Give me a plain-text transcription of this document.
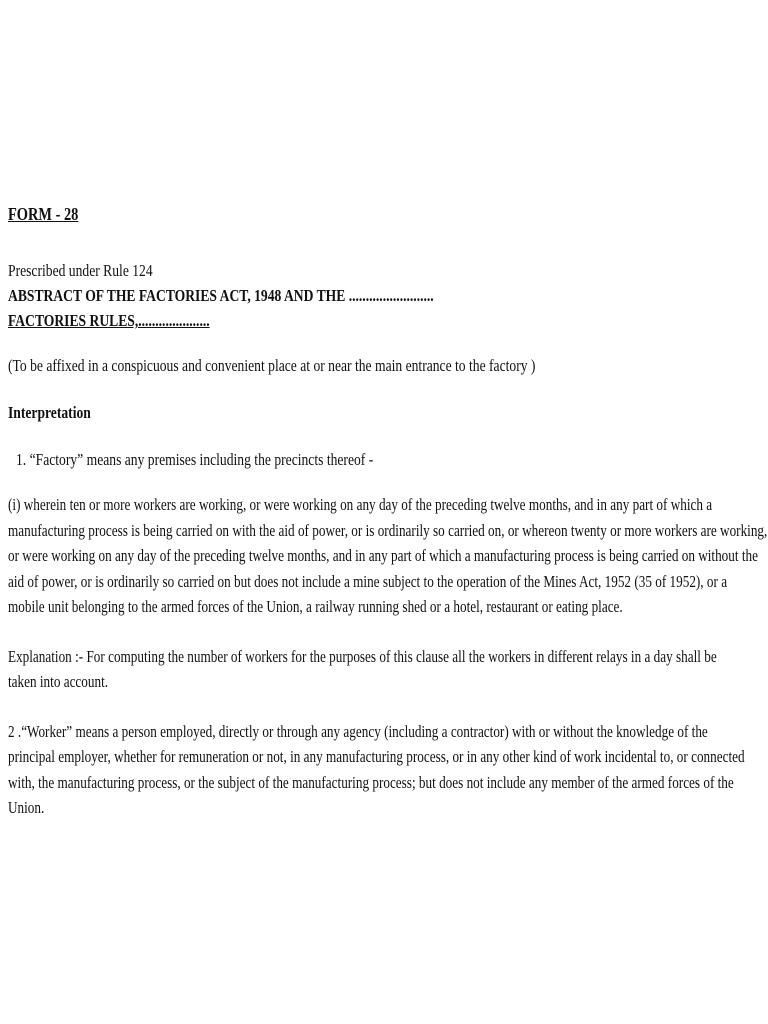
FORM - 28
Prescribed under Rule 124
ABSTRACT OF THE FACTORIES ACT, 1948 AND THE .........................
FACTORIES RULES,.....................
(To be affixed in a conspicuous and convenient place at or near the main entrance to the factory )
Interpretation
1. “Factory” means any premises including the precincts thereof -
(i) wherein ten or more workers are working, or were working on any day of the preceding twelve months, and in any part of which a
manufacturing process is being carried on with the aid of power, or is ordinarily so carried on, or whereon twenty or more workers are working,
or were working on any day of the preceding twelve months, and in any part of which a manufacturing process is being carried on without the
aid of power, or is ordinarily so carried on but does not include a mine subject to the operation of the Mines Act, 1952 (35 of 1952), or a
mobile unit belonging to the armed forces of the Union, a railway running shed or a hotel, restaurant or eating place.
Explanation :- For computing the number of workers for the purposes of this clause all the workers in different relays in a day shall be
taken into account.
2 .“Worker” means a person employed, directly or through any agency (including a contractor) with or without the knowledge of the
principal employer, whether for remuneration or not, in any manufacturing process, or in any other kind of work incidental to, or connected
with, the manufacturing process, or the subject of the manufacturing process; but does not include any member of the armed forces of the
Union.
